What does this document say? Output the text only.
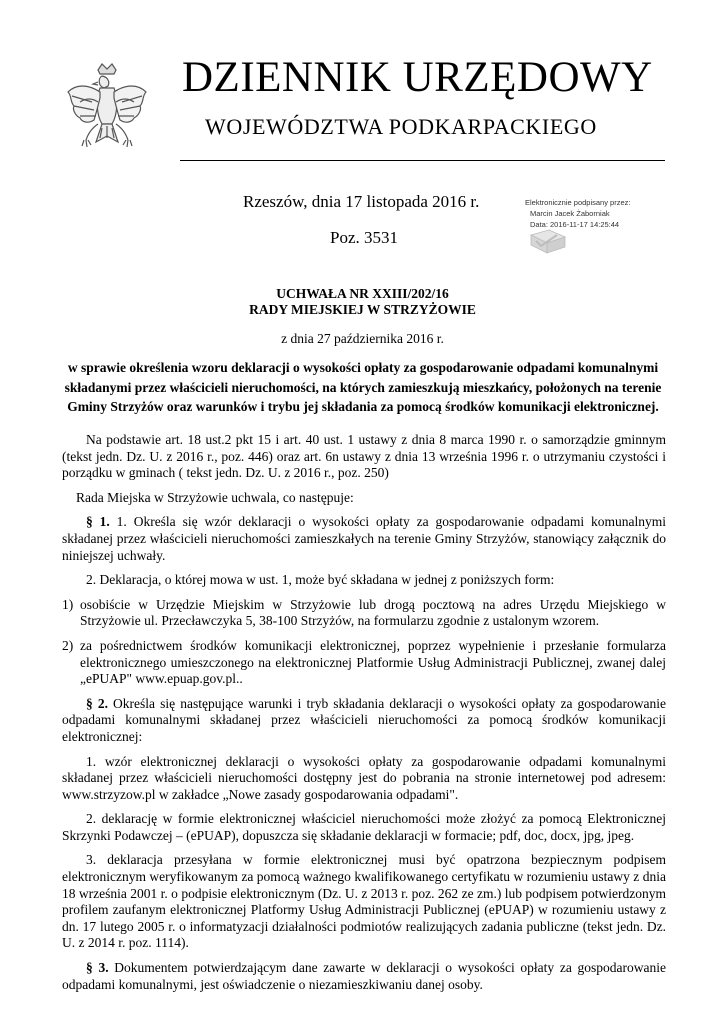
DZIENNIK URZĘDOWY
WOJEWÓDZTWA PODKARPACKIEGO
Rzeszów, dnia 17 listopada 2016 r.
Poz. 3531
Elektronicznie podpisany przez:
Marcin Jacek Żaborniak
Data: 2016-11-17 14:25:44
UCHWAŁA NR XXIII/202/16
RADY MIEJSKIEJ W STRZYŻOWIE
z dnia 27 października 2016 r.
w sprawie określenia wzoru deklaracji o wysokości opłaty za gospodarowanie odpadami komunalnymi składanymi przez właścicieli nieruchomości, na których zamieszkują mieszkańcy, położonych na terenie Gminy Strzyżów oraz warunków i trybu jej składania za pomocą środków komunikacji elektronicznej.

Na podstawie art. 18 ust.2 pkt 15 i art. 40 ust. 1 ustawy z dnia 8 marca 1990 r. o samorządzie gminnym (tekst jedn. Dz. U. z 2016 r., poz. 446) oraz art. 6n ustawy z dnia 13 września 1996 r. o utrzymaniu czystości i porządku w gminach ( tekst jedn. Dz. U. z 2016 r., poz. 250)

Rada Miejska w Strzyżowie uchwala, co następuje:

§ 1. 1. Określa się wzór deklaracji o wysokości opłaty za gospodarowanie odpadami komunalnymi składanej przez właścicieli nieruchomości zamieszkałych na terenie Gminy Strzyżów, stanowiący załącznik do niniejszej uchwały.

2. Deklaracja, o której mowa w ust. 1, może być składana w jednej z poniższych form:

1) osobiście w Urzędzie Miejskim w Strzyżowie lub drogą pocztową na adres Urzędu Miejskiego w Strzyżowie ul. Przecławczyka 5, 38-100 Strzyżów, na formularzu zgodnie z ustalonym wzorem.
2) za pośrednictwem środków komunikacji elektronicznej, poprzez wypełnienie i przesłanie formularza elektronicznego umieszczonego na elektronicznej Platformie Usług Administracji Publicznej, zwanej dalej „ePUAP" www.epuap.gov.pl..

§ 2. Określa się następujące warunki i tryb składania deklaracji o wysokości opłaty za gospodarowanie odpadami komunalnymi składanej przez właścicieli nieruchomości za pomocą środków komunikacji elektronicznej:

1. wzór elektronicznej deklaracji o wysokości opłaty za gospodarowanie odpadami komunalnymi składanej przez właścicieli nieruchomości dostępny jest do pobrania na stronie internetowej pod adresem: www.strzyzow.pl w zakładce „Nowe zasady gospodarowania odpadami".

2. deklarację w formie elektronicznej właściciel nieruchomości może złożyć za pomocą Elektronicznej Skrzynki Podawczej – (ePUAP), dopuszcza się składanie deklaracji w formacie; pdf, doc, docx, jpg, jpeg.

3. deklaracja przesyłana w formie elektronicznej musi być opatrzona bezpiecznym podpisem elektronicznym weryfikowanym za pomocą ważnego kwalifikowanego certyfikatu w rozumieniu ustawy z dnia 18 września 2001 r. o podpisie elektronicznym (Dz. U. z 2013 r. poz. 262 ze zm.) lub podpisem potwierdzonym profilem zaufanym elektronicznej Platformy Usług Administracji Publicznej (ePUAP) w rozumieniu ustawy z dn. 17 lutego 2005 r. o informatyzacji działalności podmiotów realizujących zadania publiczne (tekst jedn. Dz. U. z 2014 r. poz. 1114).

§ 3. Dokumentem potwierdzającym dane zawarte w deklaracji o wysokości opłaty za gospodarowanie odpadami komunalnymi, jest oświadczenie o niezamieszkiwaniu danej osoby.
